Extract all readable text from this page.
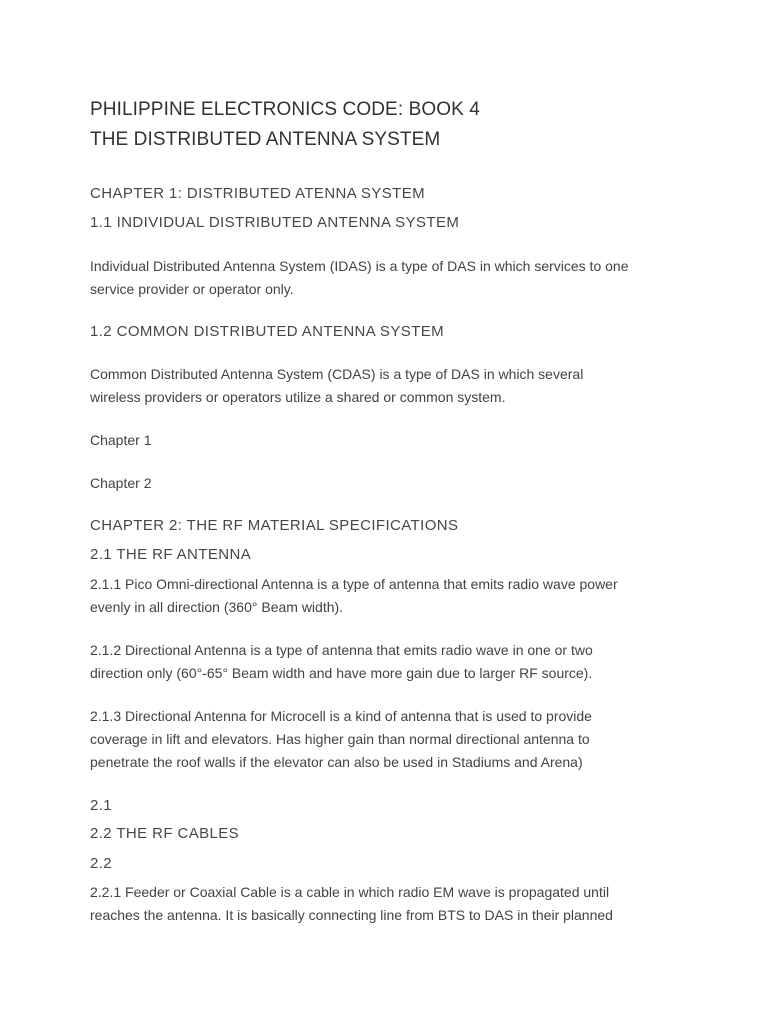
PHILIPPINE ELECTRONICS CODE: BOOK 4

THE DISTRIBUTED ANTENNA SYSTEM

CHAPTER 1: DISTRIBUTED ATENNA SYSTEM

1.1 INDIVIDUAL DISTRIBUTED ANTENNA SYSTEM

Individual Distributed Antenna System (IDAS) is a type of DAS in which services to one
service provider or operator only.

1.2 COMMON DISTRIBUTED ANTENNA SYSTEM

Common Distributed Antenna System (CDAS) is a type of DAS in which several
wireless providers or operators utilize a shared or common system.
Chapter 1
Chapter 2

CHAPTER 2: THE RF MATERIAL SPECIFICATIONS

2.1 THE RF ANTENNA

2.1.1 Pico Omni-directional Antenna is a type of antenna that emits radio wave power
evenly in all direction (360° Beam width).
2.1.2 Directional Antenna is a type of antenna that emits radio wave in one or two
direction only (60°-65° Beam width and have more gain due to larger RF source).
2.1.3 Directional Antenna for Microcell is a kind of antenna that is used to provide
coverage in lift and elevators. Has higher gain than normal directional antenna to
penetrate the roof walls if the elevator can also be used in Stadiums and Arena)

2.1

2.2 THE RF CABLES

2.2

2.2.1 Feeder or Coaxial Cable is a cable in which radio EM wave is propagated until
reaches the antenna. It is basically connecting line from BTS to DAS in their planned
